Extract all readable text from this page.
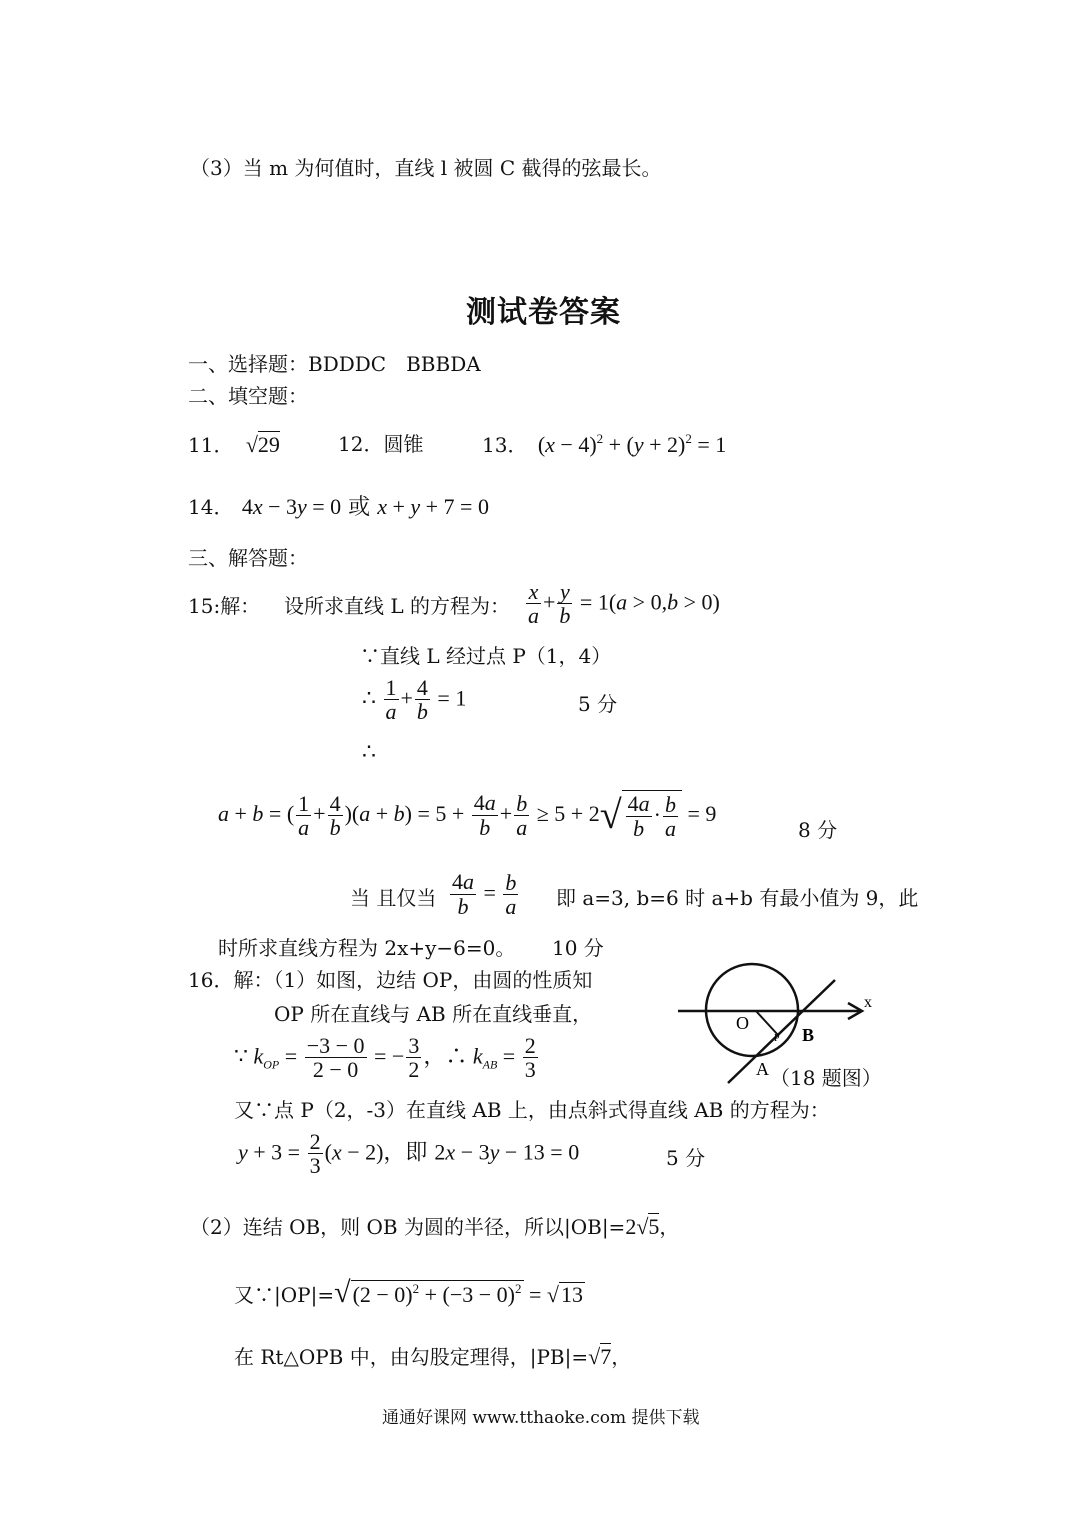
（3）当 m 为何值时，直线 l 被圆 C 截得的弦最长。
测试卷答案
一、选择题：BDDDC　BBBDA
二、填空题：
11． √29	12．圆锥	13． $(x - 4)^2 + (y + 2)^2 = 1$
14． 4x − 3y = 0 或 x + y + 7 = 0
三、解答题：
15:解： 设所求直线 L 的方程为： $\frac{x}{a} + \frac{y}{b} = 1(a > 0,b > 0)$
∵直线 L 经过点 P（1，4）
∴ $\frac{1}{a} + \frac{4}{b} = 1$	5 分
∴
a + b = ( $\frac{1}{a} + \frac{4}{b} )(a + b) = 5 + \frac{4a}{b} + \frac{b}{a} \ge 5 + 2√ \frac{4a}{b} \cdot \frac{b}{a} = 9$
8 分
当 且仅当 $\frac{4a}{b} = \frac{b}{a}$ 即 a=3, b=6 时 a+b 有最小值为 9，此
时所求直线方程为 2x+y−6=0。 10 分
16．解：（1）如图，边结 OP，由圆的性质知
OP 所在直线与 AB 所在直线垂直，
∵ $k_{OP} = \frac{-3 - 0}{2 - 0}$ = − $\frac{3}{2}$ ，∴ $k_{AB} = \frac{2}{3}$
又∵点 P（2，-3）在直线 AB 上，由点斜式得直线 AB 的方程为：
$y + 3 = \frac{2}{3} (x - 2)$，即 2x − 3y − 13 = 0	5 分
（2）连结 OB，则 OB 为圆的半径，所以|OB|=2√5，
又∵|OP|=√(2 − $0)^2 + (-3 - 0)^2 = √13$
在 Rt△OPB 中，由勾股定理得，|PB|=√7，
O
B
A
P
x
（18 题图）
通通好课网 www.tthaoke.com 提供下载
